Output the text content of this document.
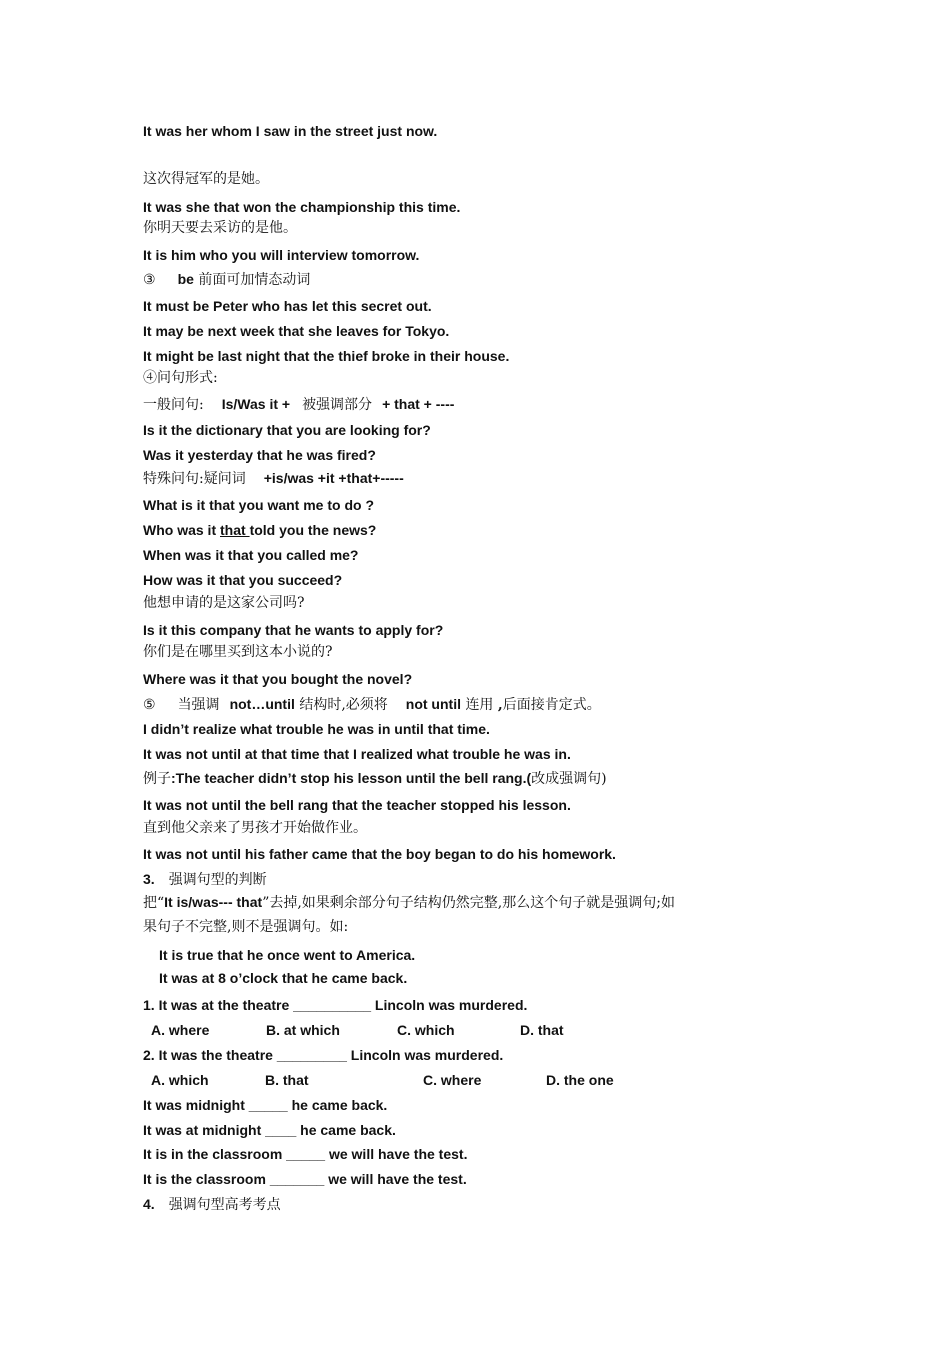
It was her whom I saw in the street just now.
这次得冠军的是她。
It was she that won the championship this time.
你明天要去采访的是他。
It is him who you will interview tomorrow.
③ be 前面可加情态动词
It must be Peter who has let this secret out.
It may be next week that she leaves for Tokyo.
It might be last night that the thief broke in their house.
④问句形式:
一般问句: Is/Was it + 被强调部分 + that + ----
Is it the dictionary that you are looking for?
Was it yesterday that he was fired?
特殊问句:疑问词 +is/was +it +that+-----
What is it that you want me to do ?
Who was it that told you the news?
When was it that you called me?
How was it that you succeed?
他想申请的是这家公司吗?
Is it this company that he wants to apply for?
你们是在哪里买到这本小说的?
Where was it that you bought the novel?
⑤ 当强调 not…until 结构时,必须将 not until 连用 ,后面接肯定式。
I didn’t realize what trouble he was in until that time.
It was not until at that time that I realized what trouble he was in.
例子:The teacher didn’t stop his lesson until the bell rang.(改成强调句)
It was not until the bell rang that the teacher stopped his lesson.
直到他父亲来了男孩才开始做作业。
It was not until his father came that the boy began to do his homework.
3. 强调句型的判断
把“It is/was--- that”去掉,如果剩余部分句子结构仍然完整,那么这个句子就是强调句;如
果句子不完整,则不是强调句。如:
It is true that he once went to America.
It was at 8 o’clock that he came back.
1. It was at the theatre __________ Lincoln was murdered.
A. where	B. at which	C. which	D. that
2. It was the theatre _________ Lincoln was murdered.
A. which	B. that	C. where	D. the one
It was midnight _____ he came back.
It was at midnight ____ he came back.
It is in the classroom _____ we will have the test.
It is the classroom _______ we will have the test.
4. 强调句型高考考点
